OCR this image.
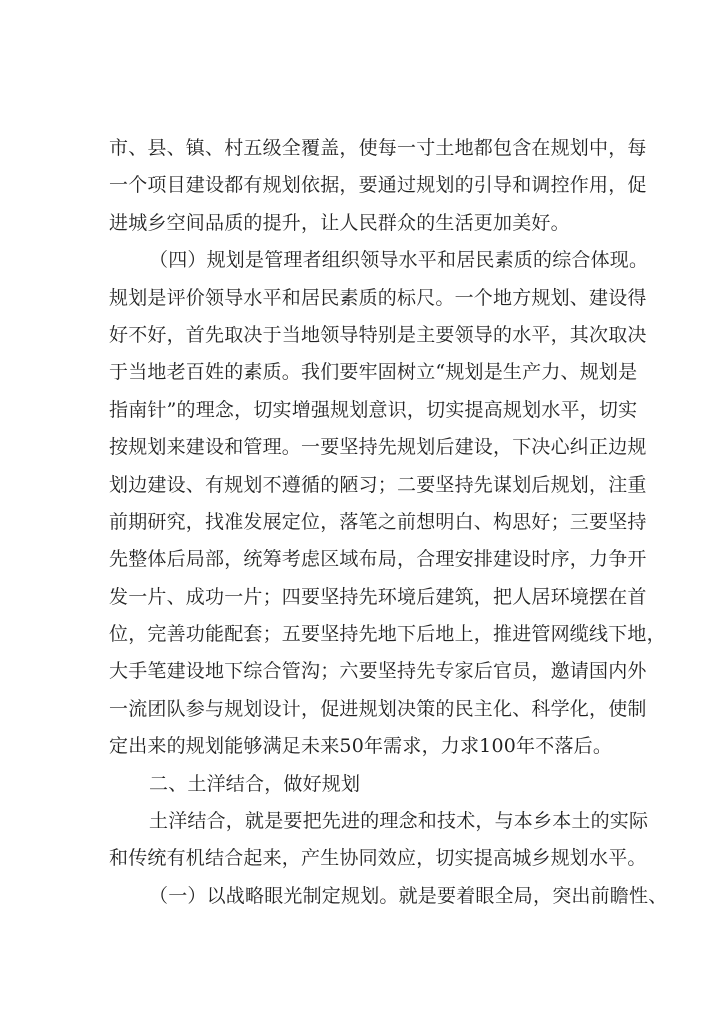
市、县、镇、村五级全覆盖，使每一寸土地都包含在规划中，每
一个项目建设都有规划依据，要通过规划的引导和调控作用，促
进城乡空间品质的提升，让人民群众的生活更加美好。
（四）规划是管理者组织领导水平和居民素质的综合体现。
规划是评价领导水平和居民素质的标尺。一个地方规划、建设得
好不好，首先取决于当地领导特别是主要领导的水平，其次取决
于当地老百姓的素质。我们要牢固树立“规划是生产力、规划是
指南针”的理念，切实增强规划意识，切实提高规划水平，切实
按规划来建设和管理。一要坚持先规划后建设，下决心纠正边规
划边建设、有规划不遵循的陋习；二要坚持先谋划后规划，注重
前期研究，找准发展定位，落笔之前想明白、构思好；三要坚持
先整体后局部，统筹考虑区域布局，合理安排建设时序，力争开
发一片、成功一片；四要坚持先环境后建筑，把人居环境摆在首
位，完善功能配套；五要坚持先地下后地上，推进管网缆线下地，
大手笔建设地下综合管沟；六要坚持先专家后官员，邀请国内外
一流团队参与规划设计，促进规划决策的民主化、科学化，使制
定出来的规划能够满足未来50年需求，力求100年不落后。
二、土洋结合，做好规划
土洋结合，就是要把先进的理念和技术，与本乡本土的实际
和传统有机结合起来，产生协同效应，切实提高城乡规划水平。
（一）以战略眼光制定规划。就是要着眼全局，突出前瞻性、
